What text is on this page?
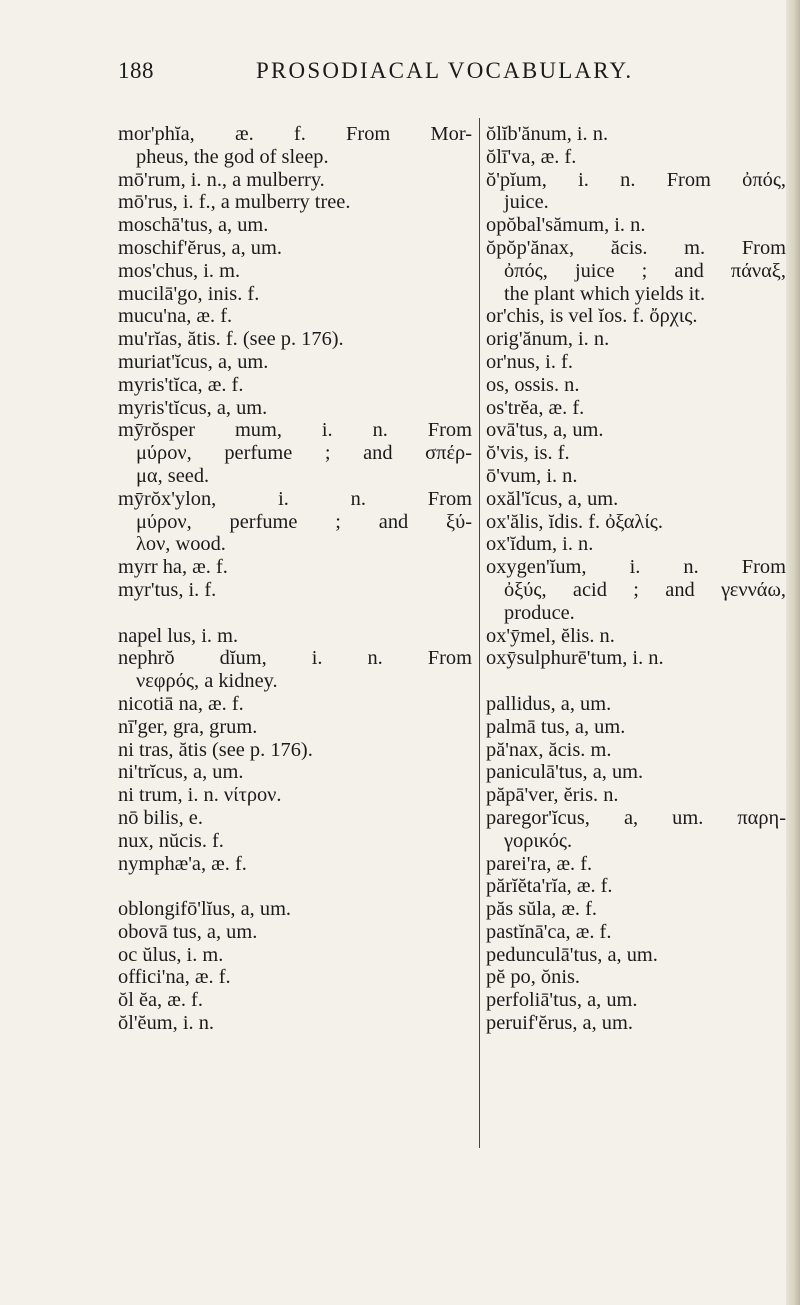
188	PROSODIACAL VOCABULARY.

mor'phĭa, æ. f. From Mor-

pheus, the god of sleep.

mō'rum, i. n., a mulberry.

mō'rus, i. f., a mulberry tree.

moschā'tus, a, um.

moschif'ĕrus, a, um.

mos'chus, i. m.

mucilā'go, inis. f.

mucu'na, æ. f.

mu'rĭas, ătis. f. (see p. 176).

muriat'ĭcus, a, um.

myris'tĭca, æ. f.

myris'tĭcus, a, um.

mȳrŏsper mum, i. n. From

μύρον, perfume ; and σπέρ-

μα, seed.

mȳrŏx'ylon, i. n. From

μύρον, perfume ; and ξύ-

λον, wood.

myrr ha, æ. f.

myr'tus, i. f.

napel lus, i. m.

nephrŏ dĭum, i. n. From

νεφρός, a kidney.

nicotiā na, æ. f.

nī'ger, gra, grum.

ni tras, ătis (see p. 176).

ni'trĭcus, a, um.

ni trum, i. n. νίτρον.

nō bilis, e.

nux, nŭcis. f.

nymphæ'a, æ. f.

oblongifō'lĭus, a, um.

obovā tus, a, um.

oc ŭlus, i. m.

offici'na, æ. f.

ŏl ĕa, æ. f.

ŏl'ĕum, i. n.

ŏlĭb'ănum, i. n.

ŏlī'va, æ. f.

ŏ'pĭum, i. n. From ὀπός,

juice.

opŏbal'sămum, i. n.

ŏpŏp'ănax, ăcis. m. From

ὀπός, juice ; and πάναξ,

the plant which yields it.

or'chis, is vel ĭos. f. ὄρχις.

orig'ănum, i. n.

or'nus, i. f.

os, ossis. n.

os'trĕa, æ. f.

ovā'tus, a, um.

ŏ'vis, is. f.

ō'vum, i. n.

oxăl'ĭcus, a, um.

ox'ălis, ĭdis. f. ὀξαλίς.

ox'ĭdum, i. n.

oxygen'ĭum, i. n. From

ὀξύς, acid ; and γεννάω,

produce.

ox'ȳmel, ĕlis. n.

oxȳsulphurē'tum, i. n.

pallidus, a, um.

palmā tus, a, um.

pă'nax, ăcis. m.

paniculā'tus, a, um.

păpā'ver, ĕris. n.

paregor'ĭcus, a, um. παρη-

γορικός.

parei'ra, æ. f.

părĭĕta'rĭa, æ. f.

păs sŭla, æ. f.

pastĭnā'ca, æ. f.

pedunculā'tus, a, um.

pĕ po, ŏnis.

perfoliā'tus, a, um.

peruif'ĕrus, a, um.
